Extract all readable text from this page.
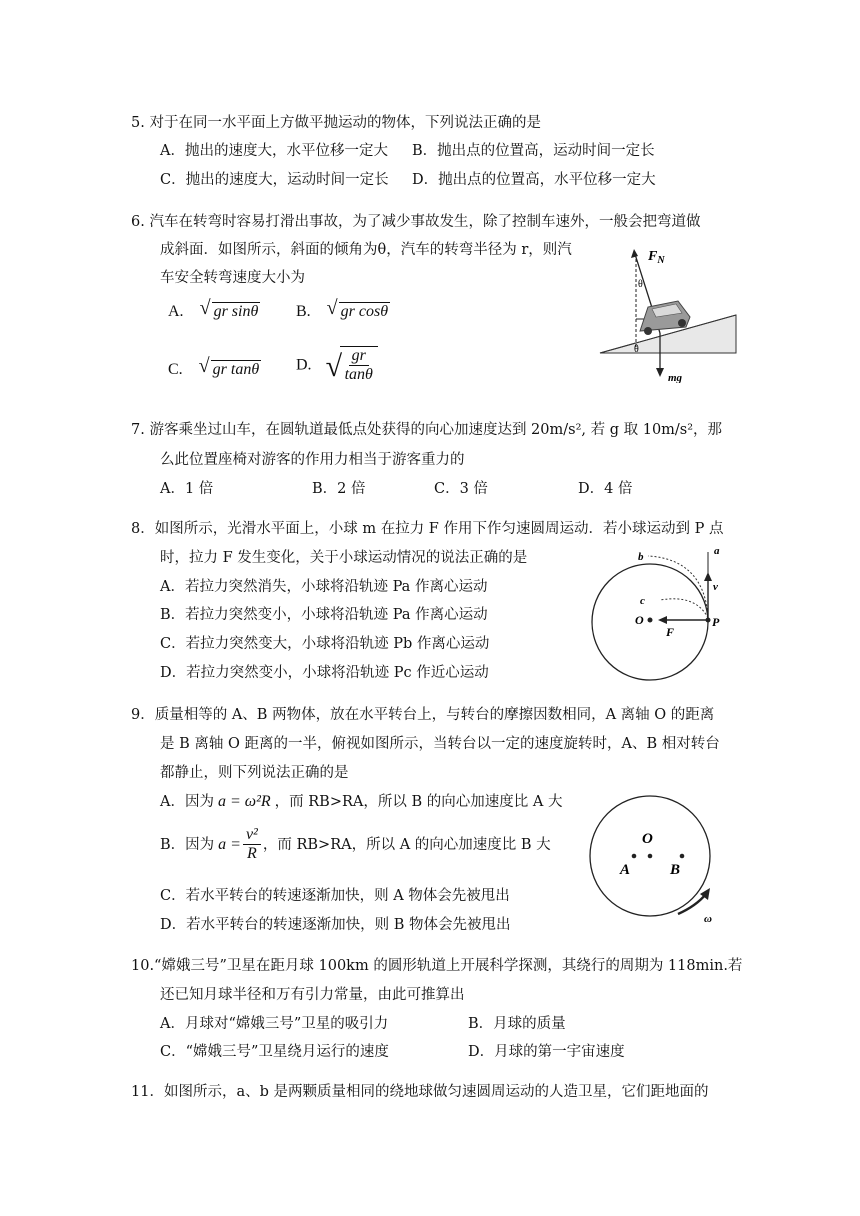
5. 对于在同一水平面上方做平抛运动的物体，下列说法正确的是
A．抛出的速度大，水平位移一定大 B．抛出点的位置高，运动时间一定长
C．抛出的速度大，运动时间一定长 D．抛出点的位置高，水平位移一定大
6. 汽车在转弯时容易打滑出事故，为了减少事故发生，除了控制车速外，一般会把弯道做
成斜面．如图所示，斜面的倾角为θ，汽车的转弯半径为 r，则汽
车安全转弯速度大小为
A. √ gr sinθ B. √ gr cosθ
C. √ gr tanθ D. √ $\frac{gr}{\tan\theta}$
$F_N$
θ
θ
mg
7. 游客乘坐过山车，在圆轨道最低点处获得的向心加速度达到 20m/s², 若 g 取 10m/s²，那
么此位置座椅对游客的作用力相当于游客重力的
A．1 倍	B．2 倍	C．3 倍	D．4 倍
8．如图所示，光滑水平面上，小球 m 在拉力 F 作用下作匀速圆周运动．若小球运动到 P 点
时，拉力 F 发生变化，关于小球运动情况的说法正确的是
A．若拉力突然消失，小球将沿轨迹 Pa 作离心运动
B．若拉力突然变小，小球将沿轨迹 Pa 作离心运动
C．若拉力突然变大，小球将沿轨迹 Pb 作离心运动
D．若拉力突然变小，小球将沿轨迹 Pc 作近心运动
a
b
c
v
O
F
P
9．质量相等的 A、B 两物体，放在水平转台上，与转台的摩擦因数相同，A 离轴 O 的距离
是 B 离轴 O 距离的一半，俯视如图所示，当转台以一定的速度旋转时，A、B 相对转台
都静止，则下列说法正确的是
A．因为 a = ω²R ，而 RB>RA，所以 B 的向心加速度比 A 大
B．因为 $a = \frac{\text{v²}}{R}$ ，而 RB>RA，所以 A 的向心加速度比 B 大
C．若水平转台的转速逐渐加快，则 A 物体会先被甩出
D．若水平转台的转速逐渐加快，则 B 物体会先被甩出
O
A	B
ω
10.“嫦娥三号”卫星在距月球 100km 的圆形轨道上开展科学探测，其绕行的周期为 118min.若
还已知月球半径和万有引力常量，由此可推算出
A．月球对“嫦娥三号”卫星的吸引力	B．月球的质量
C．“嫦娥三号”卫星绕月运行的速度	D．月球的第一宇宙速度
11．如图所示，a、b 是两颗质量相同的绕地球做匀速圆周运动的人造卫星，它们距地面的
